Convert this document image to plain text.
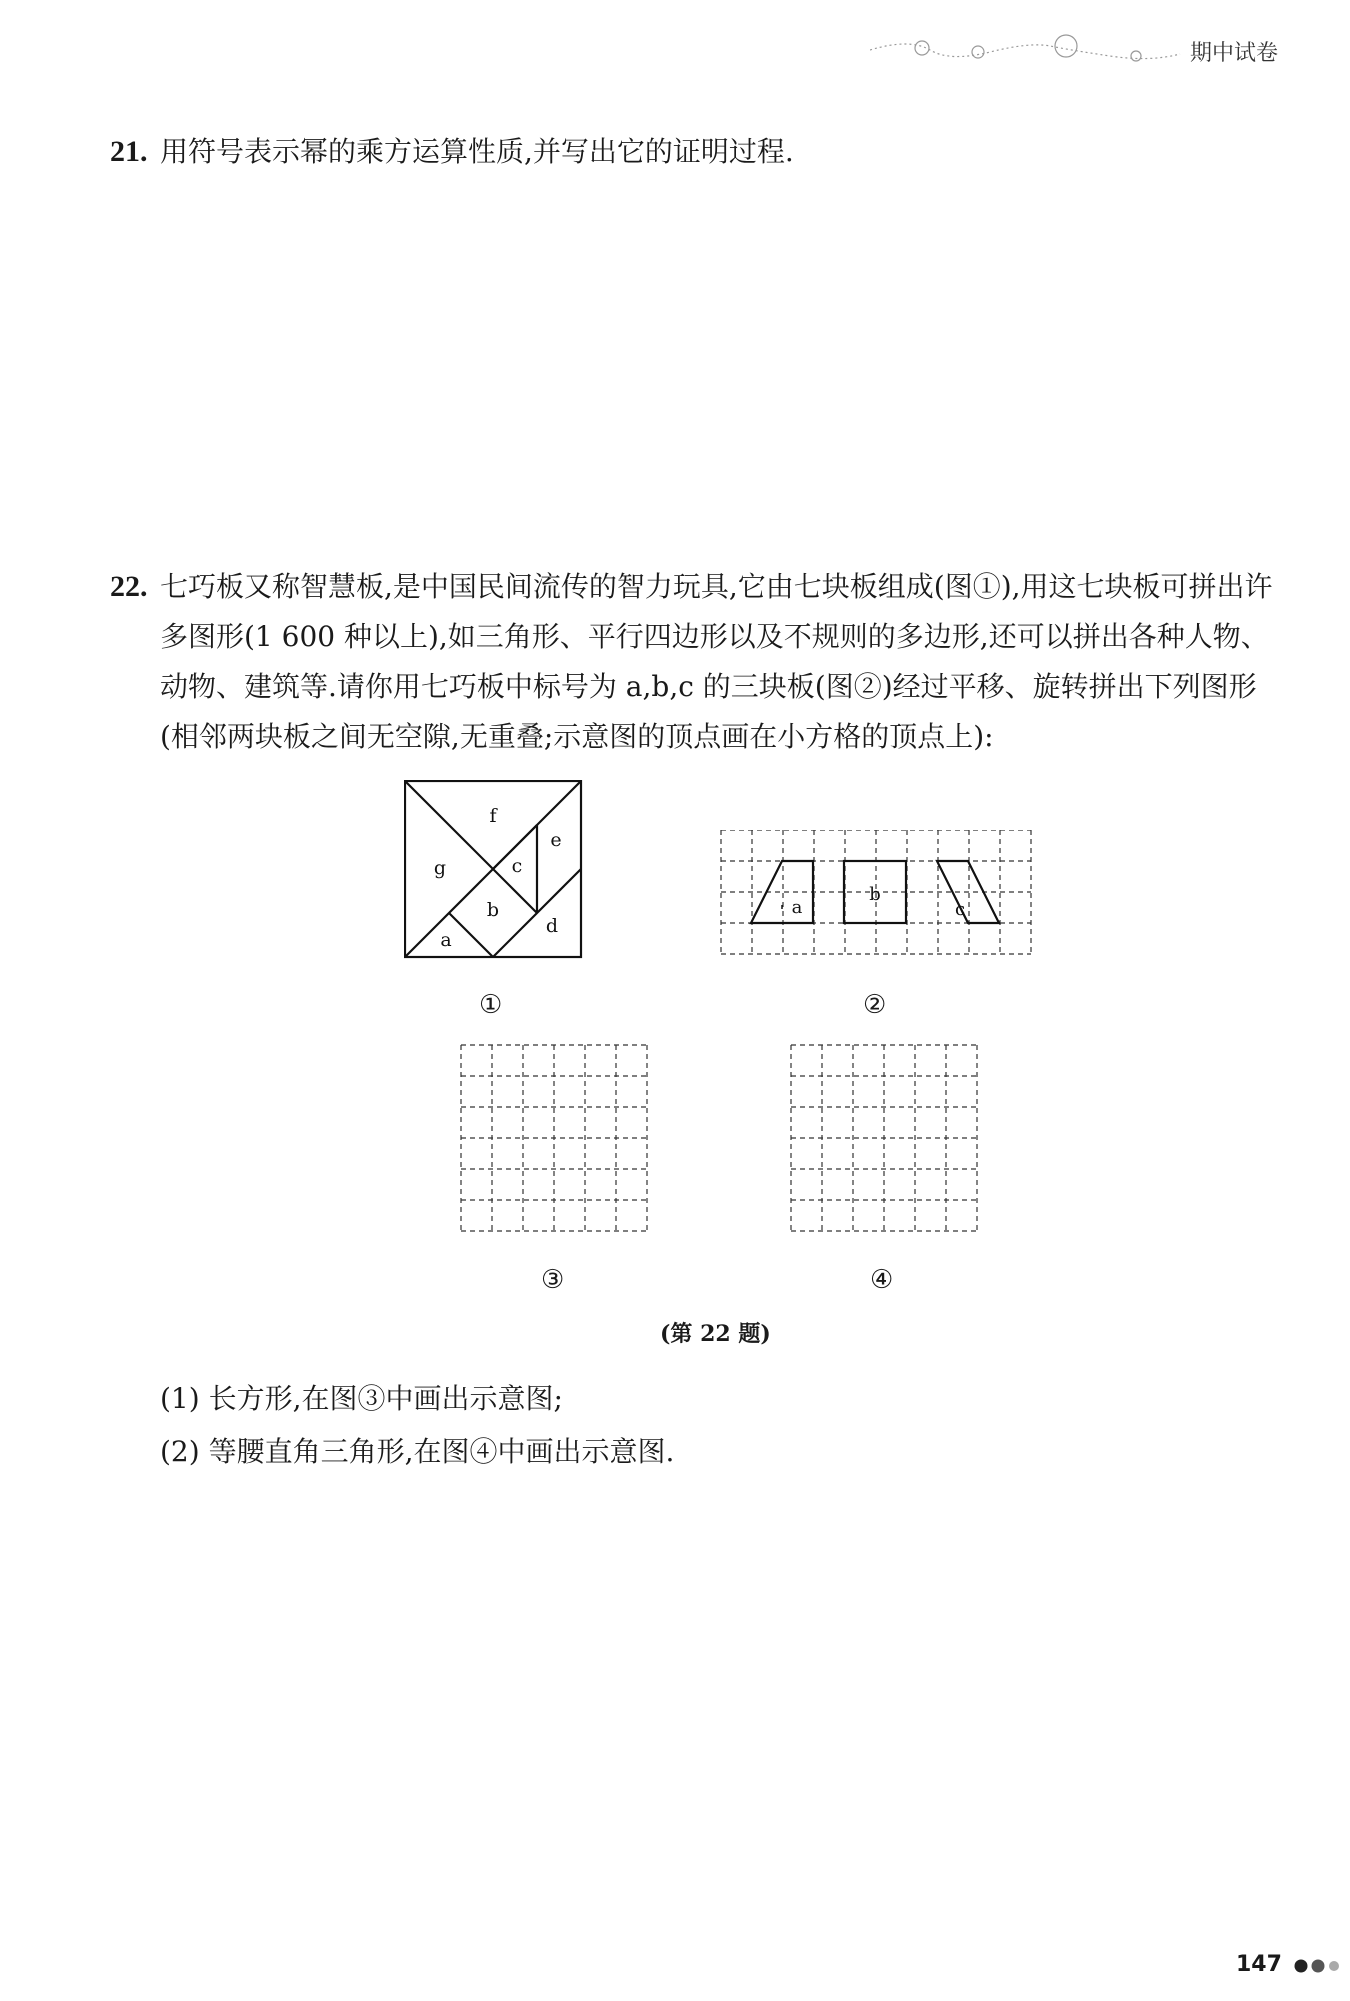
期中试卷
21. 用符号表示幂的乘方运算性质,并写出它的证明过程.
22. 七巧板又称智慧板,是中国民间流传的智力玩具,它由七块板组成(图①),用这七块板可拼出许多图形(1 600 种以上),如三角形、平行四边形以及不规则的多边形,还可以拼出各种人物、动物、建筑等.请你用七巧板中标号为 a,b,c 的三块板(图②)经过平移、旋转拼出下列图形(相邻两块板之间无空隙,无重叠;示意图的顶点画在小方格的顶点上):
f
g	c
e
b
d
a
①
a
b
c
②
③	④
(第 22 题)
(1) 长方形,在图③中画出示意图;
(2) 等腰直角三角形,在图④中画出示意图.
147
